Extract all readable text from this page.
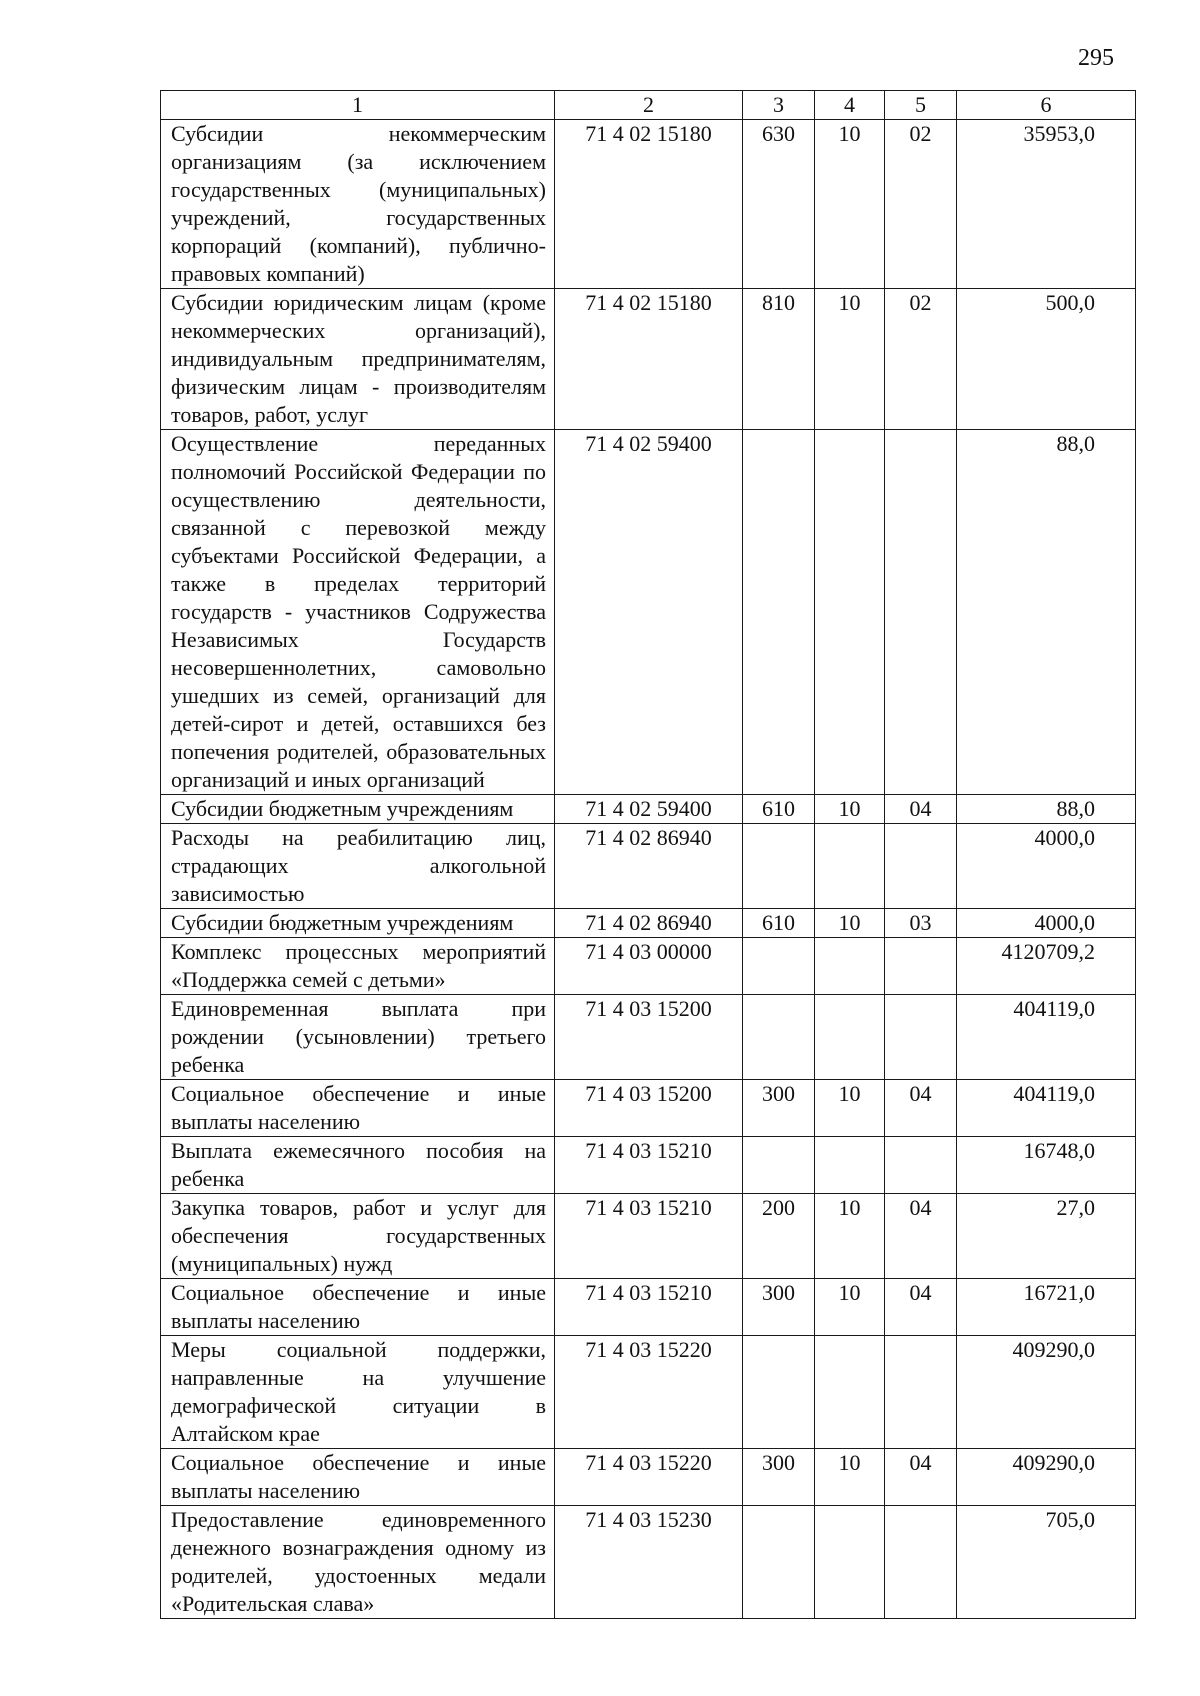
295
1	2	3	4	5	6
Субсидии некоммерческим организациям (за исключением государственных (муниципальных) учреждений, государственных корпораций (компаний), публично-правовых компаний)	71 4 02 15180	630	10	02	35953,0
Субсидии юридическим лицам (кроме некоммерческих организаций), индивидуальным предпринимателям, физическим лицам - производителям товаров, работ, услуг	71 4 02 15180	810	10	02	500,0
Осуществление переданных полномочий Российской Федерации по осуществлению деятельности, связанной с перевозкой между субъектами Российской Федерации, а также в пределах территорий государств - участников Содружества Независимых Государств несовершеннолетних, самовольно ушедших из семей, организаций для детей-сирот и детей, оставшихся без попечения родителей, образовательных организаций и иных организаций	71 4 02 59400				88,0
Субсидии бюджетным учреждениям	71 4 02 59400	610	10	04	88,0
Расходы на реабилитацию лиц, страдающих алкогольной зависимостью	71 4 02 86940				4000,0
Субсидии бюджетным учреждениям	71 4 02 86940	610	10	03	4000,0
Комплекс процессных мероприятий «Поддержка семей с детьми»	71 4 03 00000				4120709,2
Единовременная выплата при рождении (усыновлении) третьего ребенка	71 4 03 15200				404119,0
Социальное обеспечение и иные выплаты населению	71 4 03 15200	300	10	04	404119,0
Выплата ежемесячного пособия на ребенка	71 4 03 15210				16748,0
Закупка товаров, работ и услуг для обеспечения государственных (муниципальных) нужд	71 4 03 15210	200	10	04	27,0
Социальное обеспечение и иные выплаты населению	71 4 03 15210	300	10	04	16721,0
Меры социальной поддержки, направленные на улучшение демографической ситуации в Алтайском крае	71 4 03 15220				409290,0
Социальное обеспечение и иные выплаты населению	71 4 03 15220	300	10	04	409290,0
Предоставление единовременного денежного вознаграждения одному из родителей, удостоенных медали «Родительская слава»	71 4 03 15230				705,0
